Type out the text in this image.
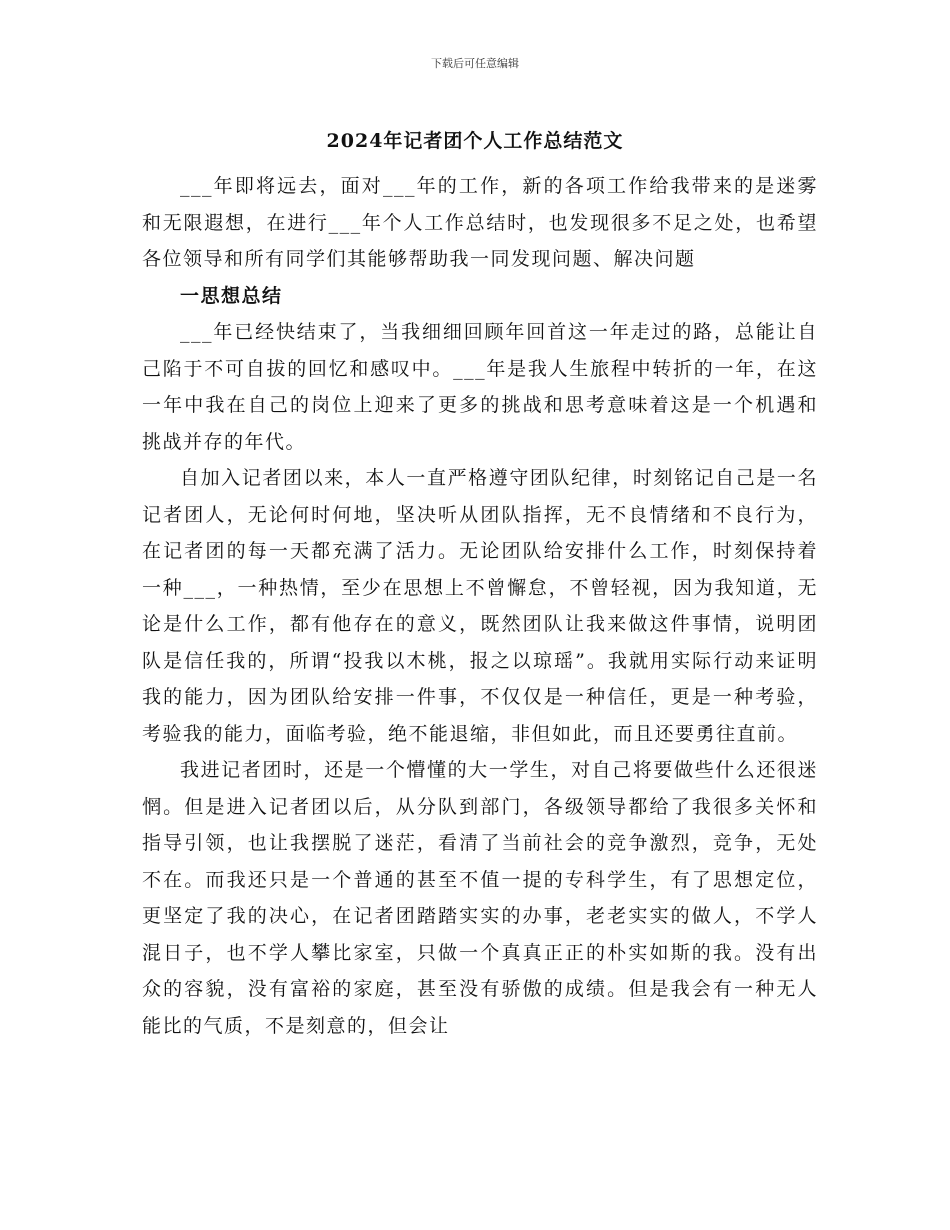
下载后可任意编辑
2024年记者团个人工作总结范文

___年即将远去，面对___年的工作，新的各项工作给我带来的是迷雾和无限遐想，在进行___年个人工作总结时，也发现很多不足之处，也希望各位领导和所有同学们其能够帮助我一同发现问题、解决问题

一思想总结

___年已经快结束了，当我细细回顾年回首这一年走过的路，总能让自己陷于不可自拔的回忆和感叹中。___年是我人生旅程中转折的一年，在这一年中我在自己的岗位上迎来了更多的挑战和思考意味着这是一个机遇和挑战并存的年代。

自加入记者团以来，本人一直严格遵守团队纪律，时刻铭记自己是一名记者团人，无论何时何地，坚决听从团队指挥，无不良情绪和不良行为，在记者团的每一天都充满了活力。无论团队给安排什么工作，时刻保持着一种___，一种热情，至少在思想上不曾懈怠，不曾轻视，因为我知道，无论是什么工作，都有他存在的意义，既然团队让我来做这件事情，说明团队是信任我的，所谓“投我以木桃，报之以琼瑶”。我就用实际行动来证明我的能力，因为团队给安排一件事，不仅仅是一种信任，更是一种考验，考验我的能力，面临考验，绝不能退缩，非但如此，而且还要勇往直前。

我进记者团时，还是一个懵懂的大一学生，对自己将要做些什么还很迷惘。但是进入记者团以后，从分队到部门，各级领导都给了我很多关怀和指导引领，也让我摆脱了迷茫，看清了当前社会的竞争激烈，竞争，无处不在。而我还只是一个普通的甚至不值一提的专科学生，有了思想定位，更坚定了我的决心，在记者团踏踏实实的办事，老老实实的做人，不学人混日子，也不学人攀比家室，只做一个真真正正的朴实如斯的我。没有出众的容貌，没有富裕的家庭，甚至没有骄傲的成绩。但是我会有一种无人能比的气质，不是刻意的，但会让
